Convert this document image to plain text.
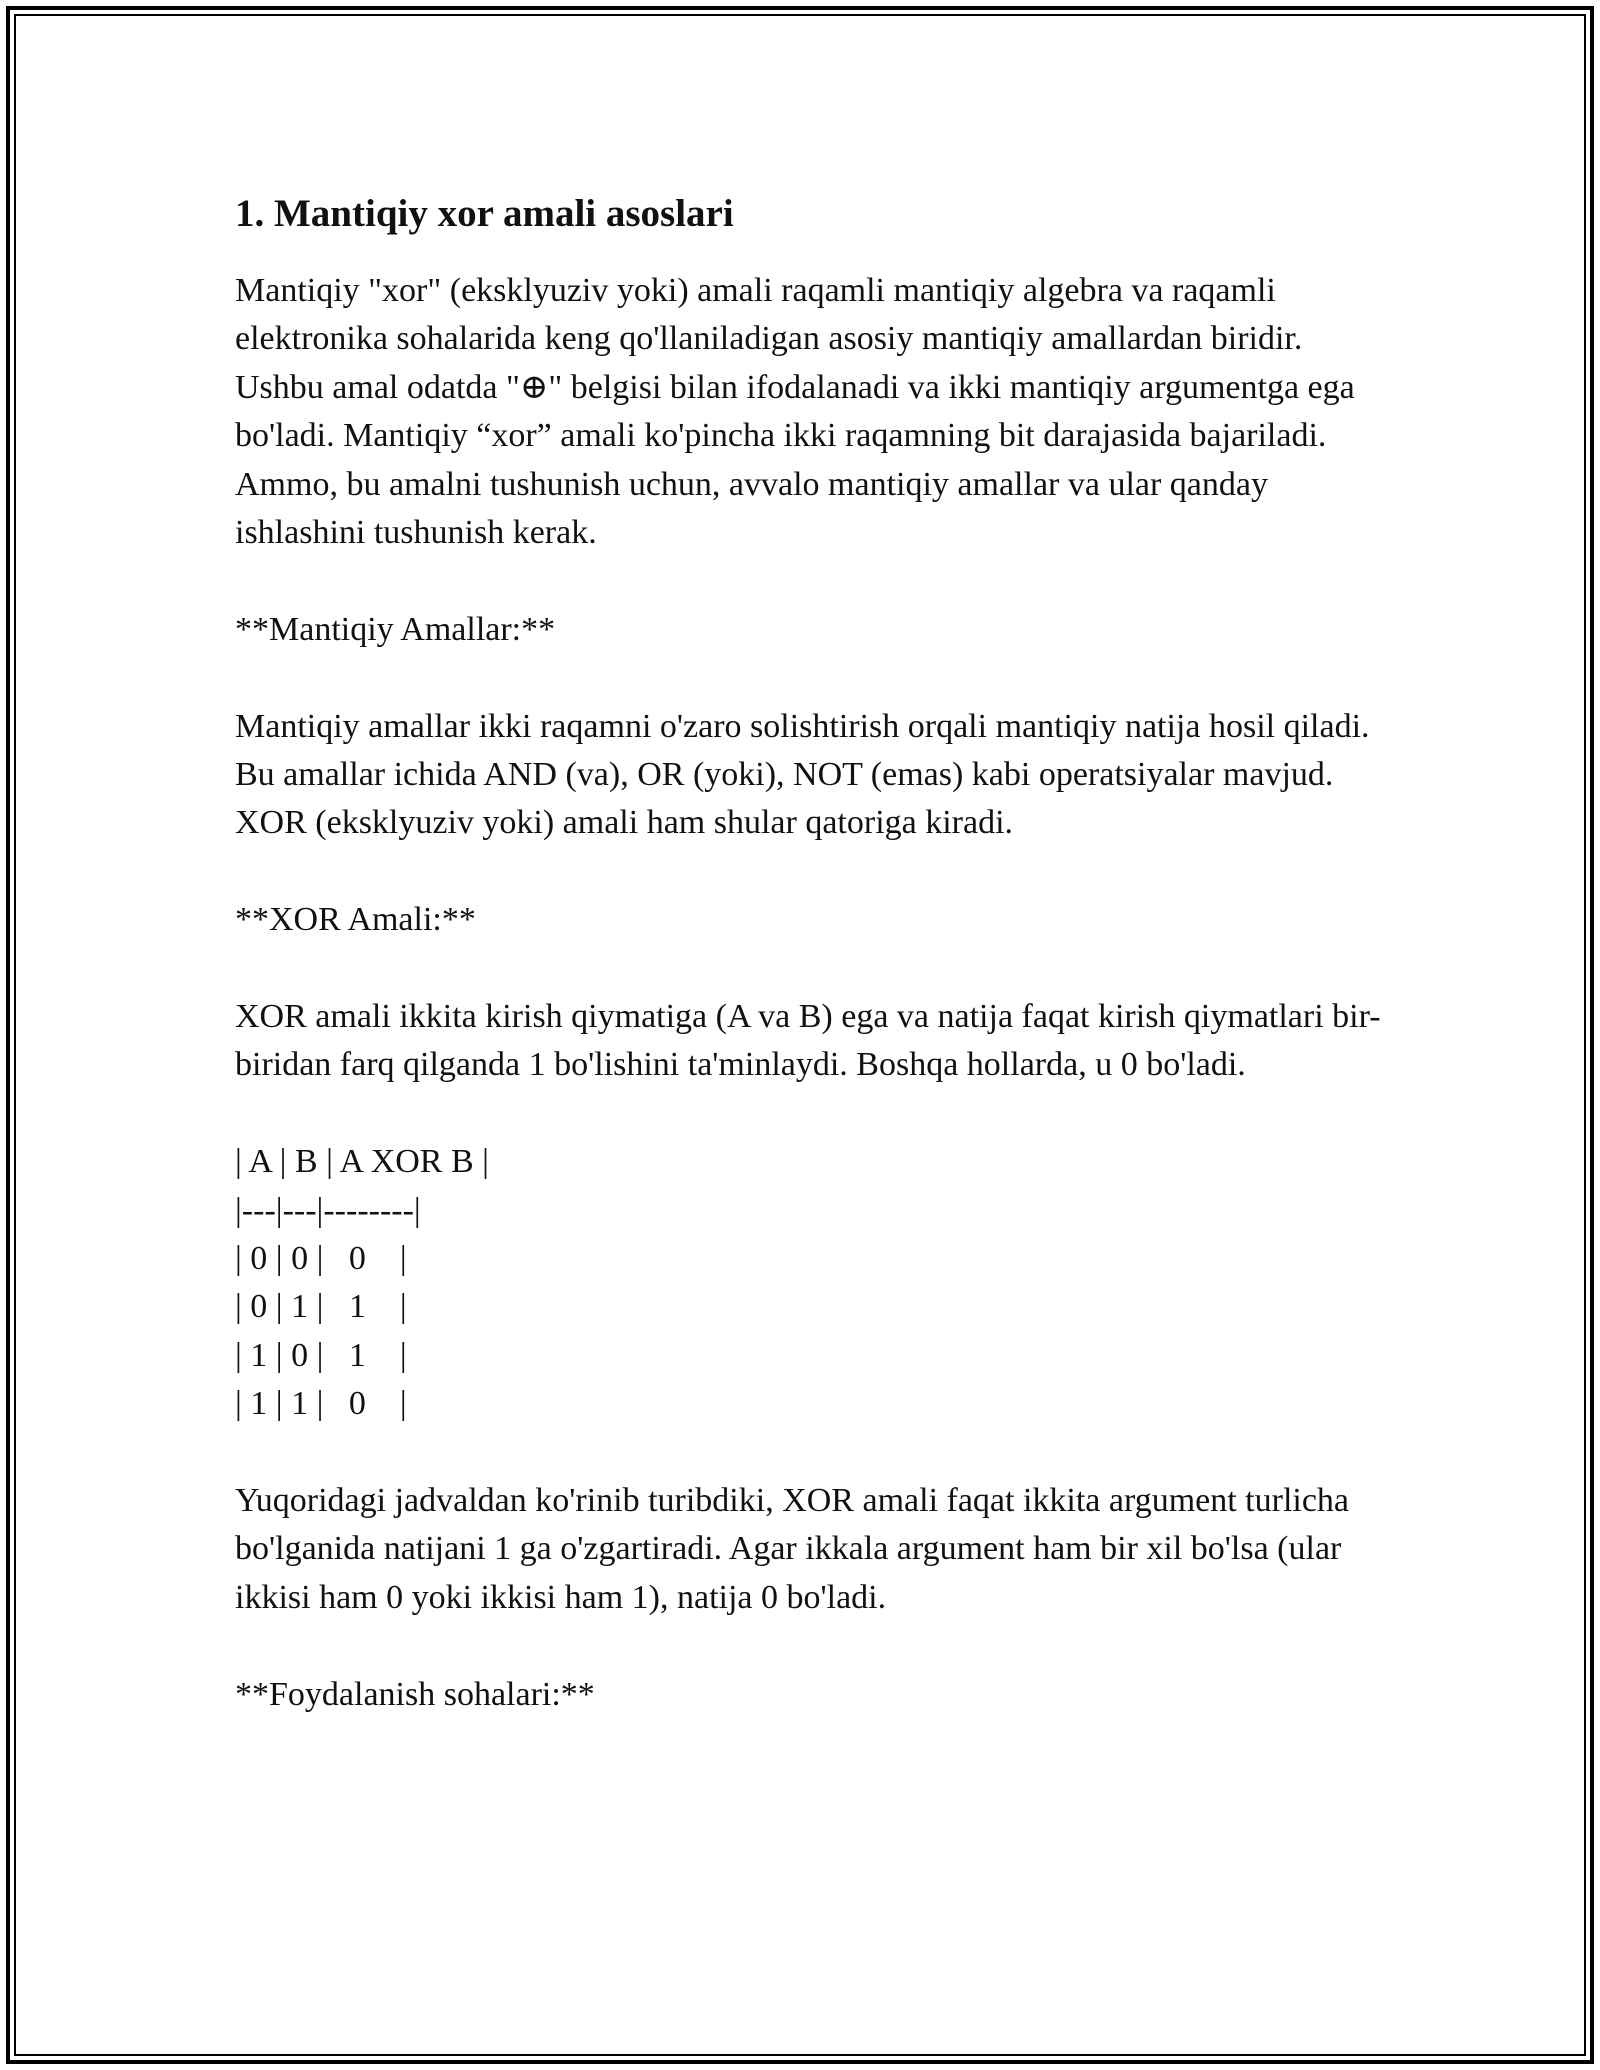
1. Mantiqiy xor amali asoslari

Mantiqiy "xor" (eksklyuziv yoki) amali raqamli mantiqiy algebra va raqamli elektronika sohalarida keng qo'llaniladigan asosiy mantiqiy amallardan biridir. Ushbu amal odatda "⊕" belgisi bilan ifodalanadi va ikki mantiqiy argumentga ega bo'ladi. Mantiqiy “xor” amali ko'pincha ikki raqamning bit darajasida bajariladi. Ammo, bu amalni tushunish uchun, avvalo mantiqiy amallar va ular qanday ishlashini tushunish kerak.

**Mantiqiy Amallar:**

Mantiqiy amallar ikki raqamni o'zaro solishtirish orqali mantiqiy natija hosil qiladi. Bu amallar ichida AND (va), OR (yoki), NOT (emas) kabi operatsiyalar mavjud. XOR (eksklyuziv yoki) amali ham shular qatoriga kiradi.

**XOR Amali:**

XOR amali ikkita kirish qiymatiga (A va B) ega va natija faqat kirish qiymatlari bir-biridan farq qilganda 1 bo'lishini ta'minlaydi. Boshqa hollarda, u 0 bo'ladi.

| A | B | A XOR B |

|---|---|--------|

| 0 | 0 |   0    |

| 0 | 1 |   1    |

| 1 | 0 |   1    |

| 1 | 1 |   0    |

Yuqoridagi jadvaldan ko'rinib turibdiki, XOR amali faqat ikkita argument turlicha bo'lganida natijani 1 ga o'zgartiradi. Agar ikkala argument ham bir xil bo'lsa (ular ikkisi ham 0 yoki ikkisi ham 1), natija 0 bo'ladi.

**Foydalanish sohalari:**
